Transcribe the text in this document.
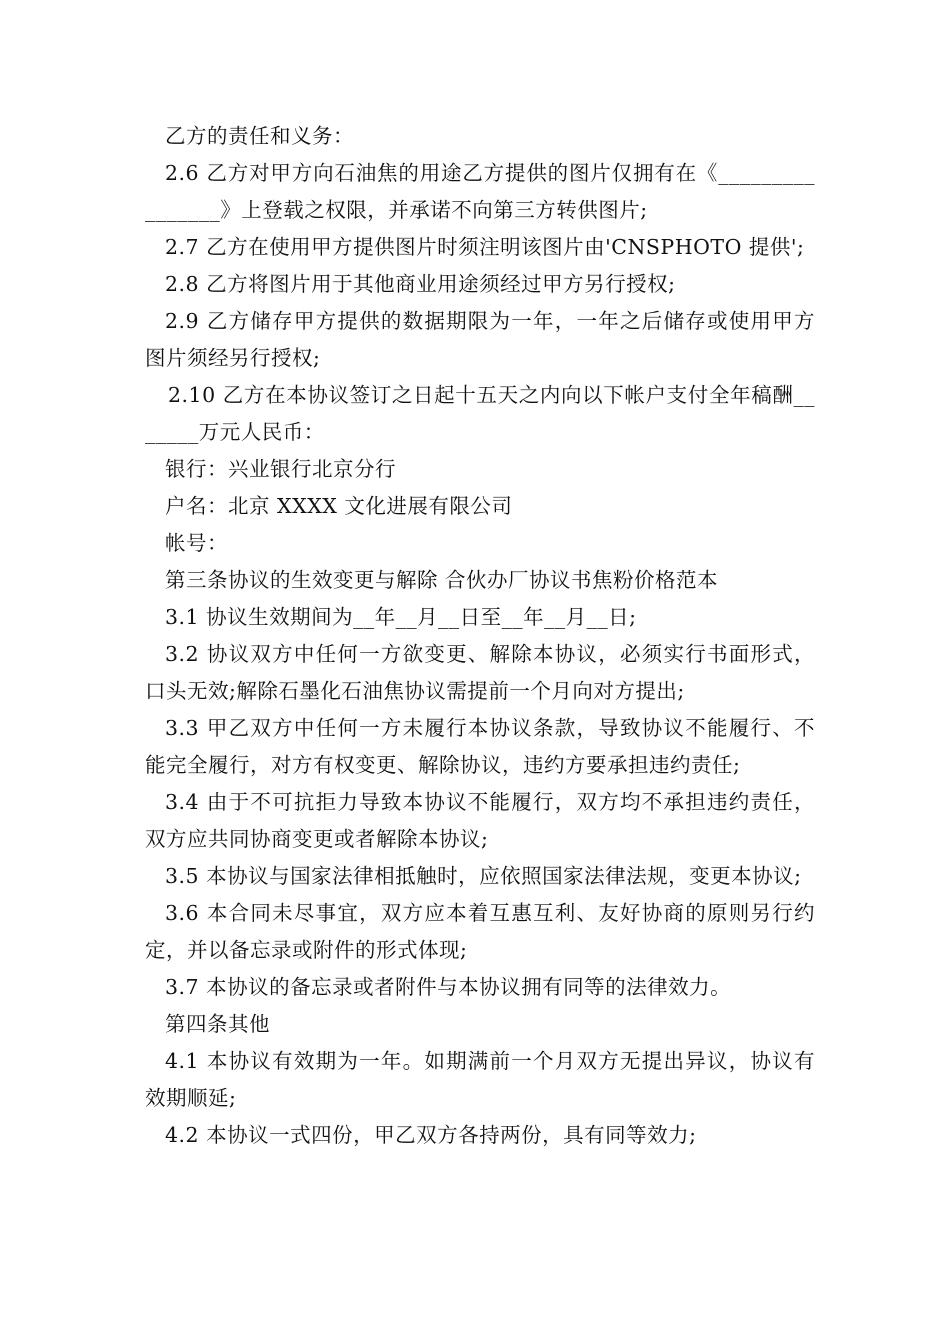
乙方的责任和义务：

2.6 乙方对甲方向石油焦的用途乙方提供的图片仅拥有在《________________》上登载之权限，并承诺不向第三方转供图片;

2.7 乙方在使用甲方提供图片时须注明该图片由'CNSPHOTO 提供';

2.8 乙方将图片用于其他商业用途须经过甲方另行授权;

2.9 乙方储存甲方提供的数据期限为一年，一年之后储存或使用甲方图片须经另行授权;

2.10 乙方在本协议签订之日起十五天之内向以下帐户支付全年稿酬_______万元人民币：

银行：兴业银行北京分行

户名：北京 XXXX 文化进展有限公司

帐号：

第三条协议的生效变更与解除 合伙办厂协议书焦粉价格范本

3.1 协议生效期间为__年__月__日至__年__月__日;

3.2 协议双方中任何一方欲变更、解除本协议，必须实行书面形式，口头无效;解除石墨化石油焦协议需提前一个月向对方提出;

3.3 甲乙双方中任何一方未履行本协议条款，导致协议不能履行、不能完全履行，对方有权变更、解除协议，违约方要承担违约责任;

3.4 由于不可抗拒力导致本协议不能履行，双方均不承担违约责任，双方应共同协商变更或者解除本协议;

3.5 本协议与国家法律相抵触时，应依照国家法律法规，变更本协议;

3.6 本合同未尽事宜，双方应本着互惠互利、友好协商的原则另行约定，并以备忘录或附件的形式体现;

3.7 本协议的备忘录或者附件与本协议拥有同等的法律效力。

第四条其他

4.1 本协议有效期为一年。如期满前一个月双方无提出异议，协议有效期顺延;

4.2 本协议一式四份，甲乙双方各持两份，具有同等效力;
